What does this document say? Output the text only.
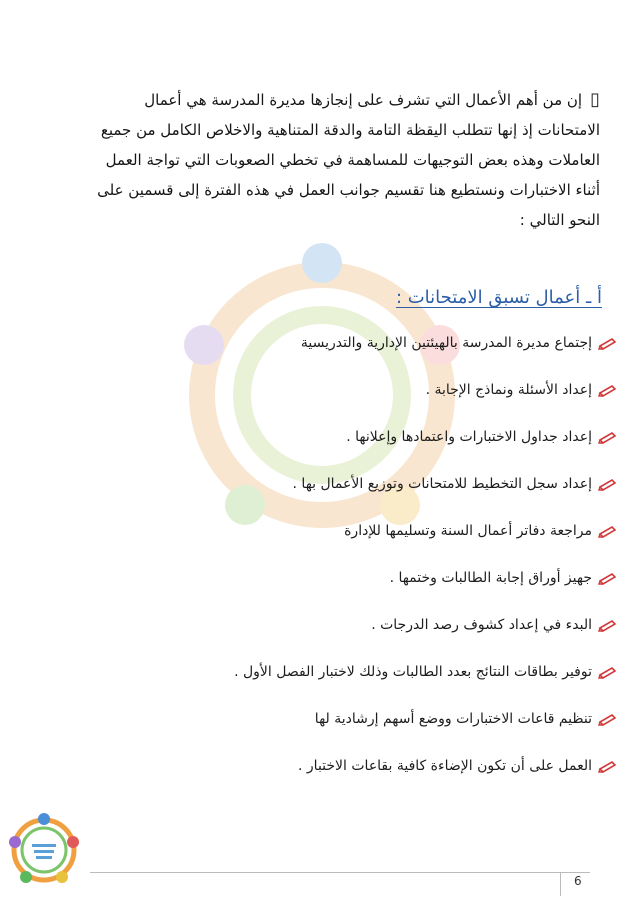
▯إن من أهم الأعمال التي تشرف على إنجازها مديرة المدرسة هي أعمال
الامتحانات إذ إنها تتطلب اليقظة التامة والدقة المتناهية والاخلاص الكامل من جميع
العاملات وهذه بعض التوجيهات للمساهمة في تخطي الصعوبات التي تواجة العمل
أثناء الاختبارات ونستطيع هنا تقسيم جوانب العمل في هذه الفترة إلى قسمين على
النحو التالي :
أ ـ أعمال تسبق الامتحانات :
إجتماع مديرة المدرسة بالهيئتين الإدارية والتدريسية
إعداد الأسئلة ونماذج الإجابة .
إعداد جداول الاختبارات واعتمادها وإعلانها .
إعداد سجل التخطيط للامتحانات وتوزيع الأعمال بها .
مراجعة دفاتر أعمال السنة وتسليمها للإدارة
جهيز أوراق إجابة الطالبات وختمها .
البدء في إعداد كشوف رصد الدرجات .
توفير بطاقات النتائج بعدد الطالبات وذلك لاختبار الفصل الأول .
تنظيم قاعات الاختبارات ووضع أسهم إرشادية لها
العمل على أن تكون الإضاءة كافية بقاعات الاختبار .
6
